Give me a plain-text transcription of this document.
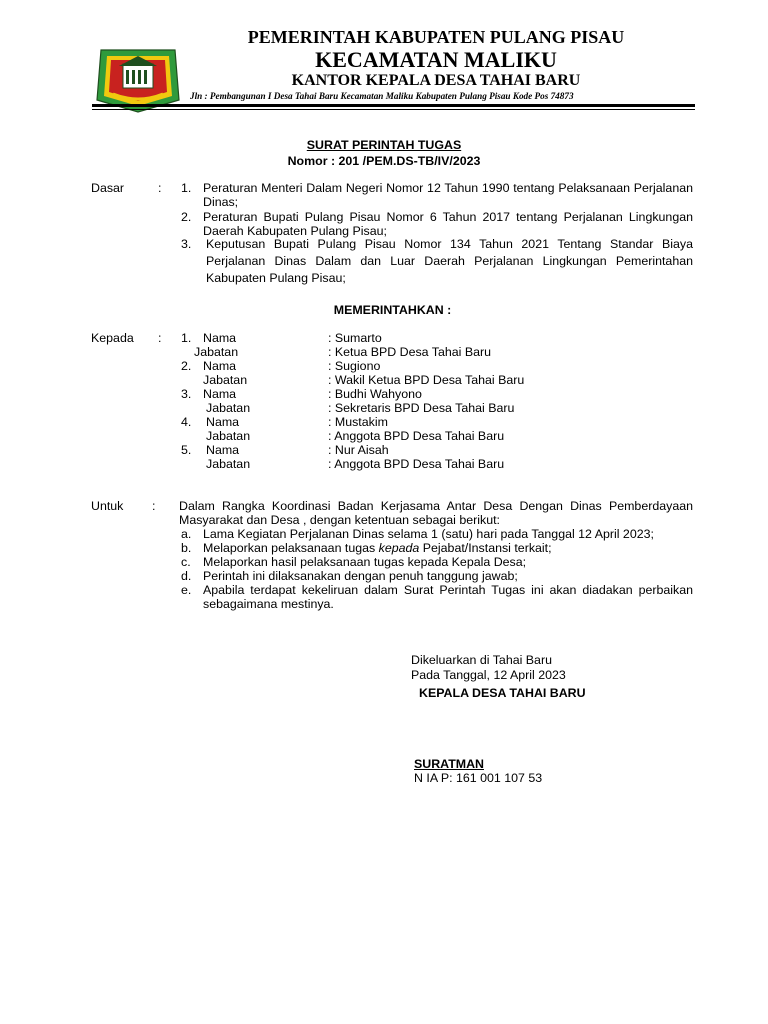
PEMERINTAH KABUPATEN PULANG PISAU
KECAMATAN MALIKU
KANTOR KEPALA DESA TAHAI BARU
Jln : Pembangunan I Desa Tahai Baru Kecamatan Maliku Kabupaten Pulang Pisau Kode Pos 74873
SURAT PERINTAH TUGAS
Nomor : 201 /PEM.DS-TB/IV/2023
Dasar	: 1. Peraturan Menteri Dalam Negeri Nomor 12 Tahun 1990 tentang Pelaksanaan Perjalanan
Dinas;
2. Peraturan Bupati Pulang Pisau Nomor 6 Tahun 2017 tentang Perjalanan Lingkungan
Daerah Kabupaten Pulang Pisau;
3. Keputusan Bupati Pulang Pisau Nomor 134 Tahun 2021 Tentang Standar Biaya
Perjalanan Dinas Dalam dan Luar Daerah Perjalanan Lingkungan Pemerintahan
Kabupaten Pulang Pisau;
MEMERINTAHKAN :
Kepada : 1. Nama	: Sumarto
Jabatan	: Ketua BPD Desa Tahai Baru
2. Nama	: Sugiono
Jabatan	: Wakil Ketua BPD Desa Tahai Baru
3. Nama	: Budhi Wahyono
Jabatan	: Sekretaris BPD Desa Tahai Baru
4. Nama	: Mustakim
Jabatan	: Anggota BPD Desa Tahai Baru
5. Nama	: Nur Aisah
Jabatan	: Anggota BPD Desa Tahai Baru
Untuk : Dalam Rangka Koordinasi Badan Kerjasama Antar Desa Dengan Dinas Pemberdayaan
Masyarakat dan Desa , dengan ketentuan sebagai berikut:
a. Lama Kegiatan Perjalanan Dinas selama 1 (satu) hari pada Tanggal 12 April 2023;
b. Melaporkan pelaksanaan tugas kepada Pejabat/Instansi terkait;
c. Melaporkan hasil pelaksanaan tugas kepada Kepala Desa;
d. Perintah ini dilaksanakan dengan penuh tanggung jawab;
e. Apabila terdapat kekeliruan dalam Surat Perintah Tugas ini akan diadakan perbaikan
sebagaimana mestinya.
Dikeluarkan di Tahai Baru
Pada Tanggal, 12 April 2023
KEPALA DESA TAHAI BARU
SURATMAN
N IA P: 161 001 107 53
